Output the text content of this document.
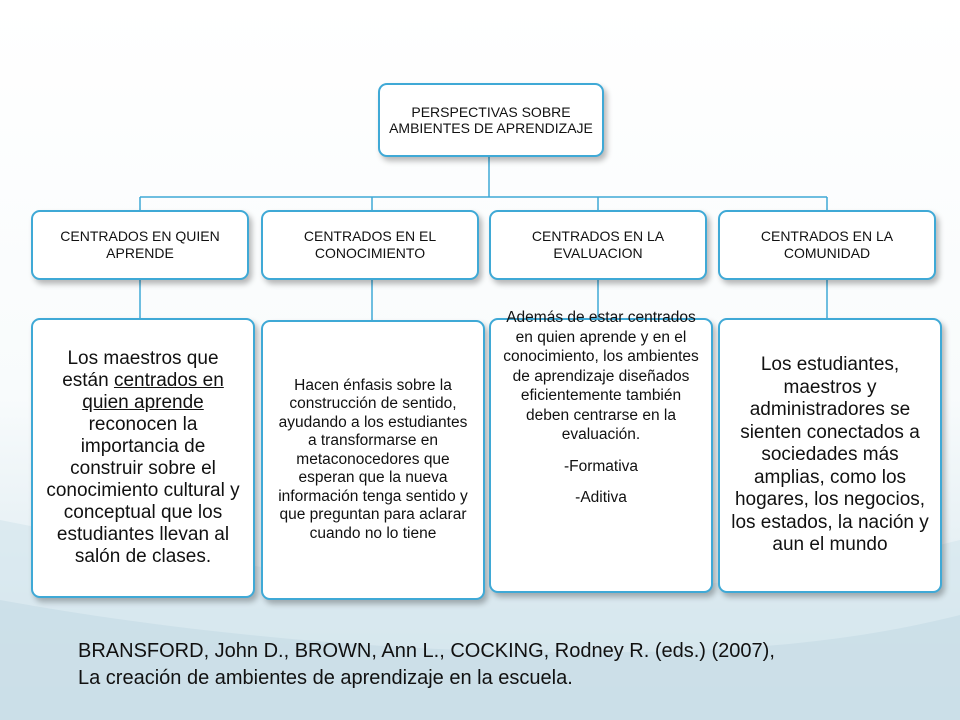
PERSPECTIVAS SOBRE AMBIENTES DE APRENDIZAJE
CENTRADOS EN QUIEN APRENDE
CENTRADOS EN EL CONOCIMIENTO
CENTRADOS EN LA EVALUACION
CENTRADOS EN LA COMUNIDAD
Los maestros que están centrados en quien aprende reconocen la importancia de construir sobre el conocimiento cultural y conceptual que los estudiantes llevan al salón de clases.
Hacen énfasis sobre la construcción de sentido, ayudando a los estudiantes a transformarse en metaconocedores que esperan que la nueva información tenga sentido y que preguntan para aclarar cuando no lo tiene
Además de estar centrados en quien aprende y en el conocimiento, los ambientes de aprendizaje diseñados eficientemente también deben centrarse en la evaluación.
-Formativa
-Aditiva
Los estudiantes, maestros y administradores se sienten conectados a sociedades más amplias, como los hogares, los negocios, los estados, la nación y aun el mundo
BRANSFORD, John D., BROWN, Ann L., COCKING, Rodney R. (eds.) (2007),
La creación de ambientes de aprendizaje en la escuela.
